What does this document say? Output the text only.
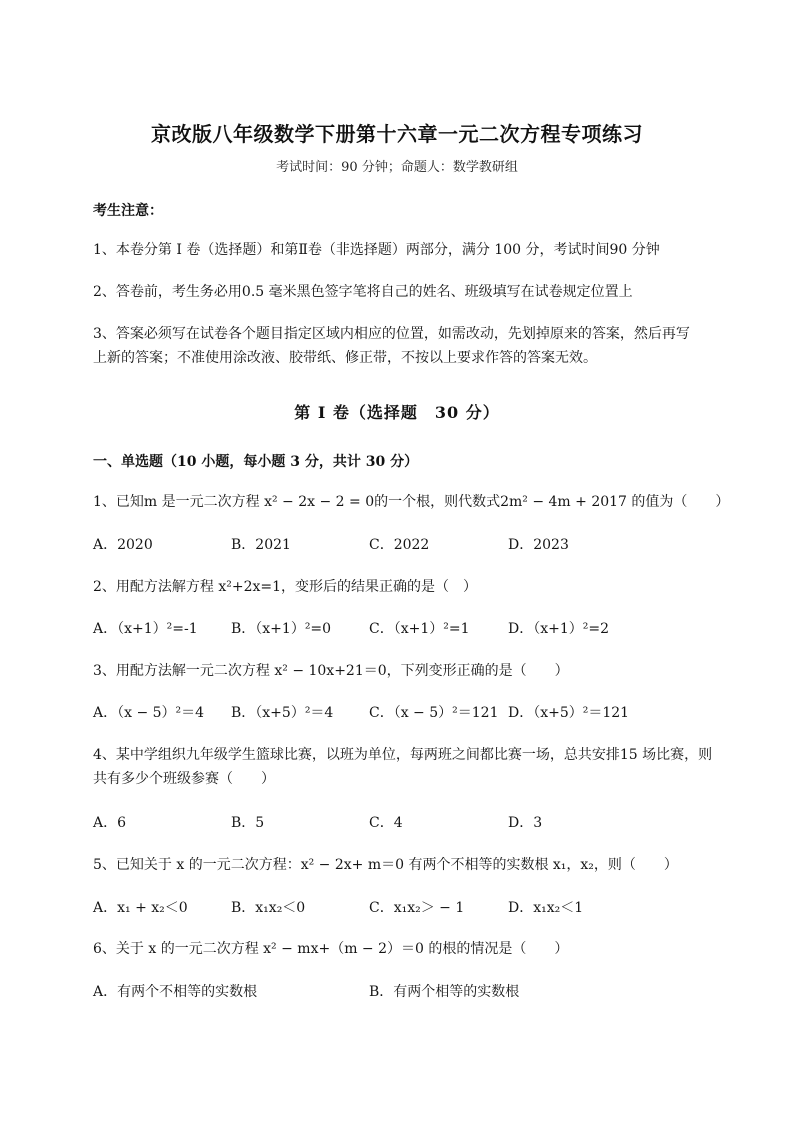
京改版八年级数学下册第十六章一元二次方程专项练习
考试时间：90 分钟；命题人：数学教研组
考生注意：
1、本卷分第 I 卷（选择题）和第Ⅱ卷（非选择题）两部分，满分 100 分，考试时间90 分钟
2、答卷前，考生务必用0.5 毫米黑色签字笔将自己的姓名、班级填写在试卷规定位置上
3、答案必须写在试卷各个题目指定区域内相应的位置，如需改动，先划掉原来的答案，然后再写上新的答案；不准使用涂改液、胶带纸、修正带，不按以上要求作答的答案无效。
第 I 卷（选择题　30 分）
一、单选题（10 小题，每小题 3 分，共计 30 分）
1、已知m 是一元二次方程 x² − 2x − 2 = 0的一个根，则代数式2m² − 4m + 2017 的值为（　　）
A．2020	B．2021	C．2022	D．2023
2、用配方法解方程 x²+2x=1，变形后的结果正确的是（　）
A．（x+1）²=-1 B．（x+1）²=0	C．（x+1）²=1	D．（x+1）²=2
3、用配方法解一元二次方程 x² − 10x+21＝0，下列变形正确的是（　　）
A．（x − 5）²＝4 B．（x+5）²＝4	C．（x − 5）²＝121 D．（x+5）²＝121
4、某中学组织九年级学生篮球比赛，以班为单位，每两班之间都比赛一场，总共安排15 场比赛，则共有多少个班级参赛（　　）
A．6	B．5	C．4	D．3
5、已知关于 x 的一元二次方程：x² − 2x+ m＝0 有两个不相等的实数根 x₁，x₂，则（　　）
A．x₁ + x₂＜0	B．x₁x₂＜0	C．x₁x₂＞ − 1	D．x₁x₂＜1
6、关于 x 的一元二次方程 x² − mx+（m − 2）＝0 的根的情况是（　　）
A．有两个不相等的实数根	B．有两个相等的实数根
